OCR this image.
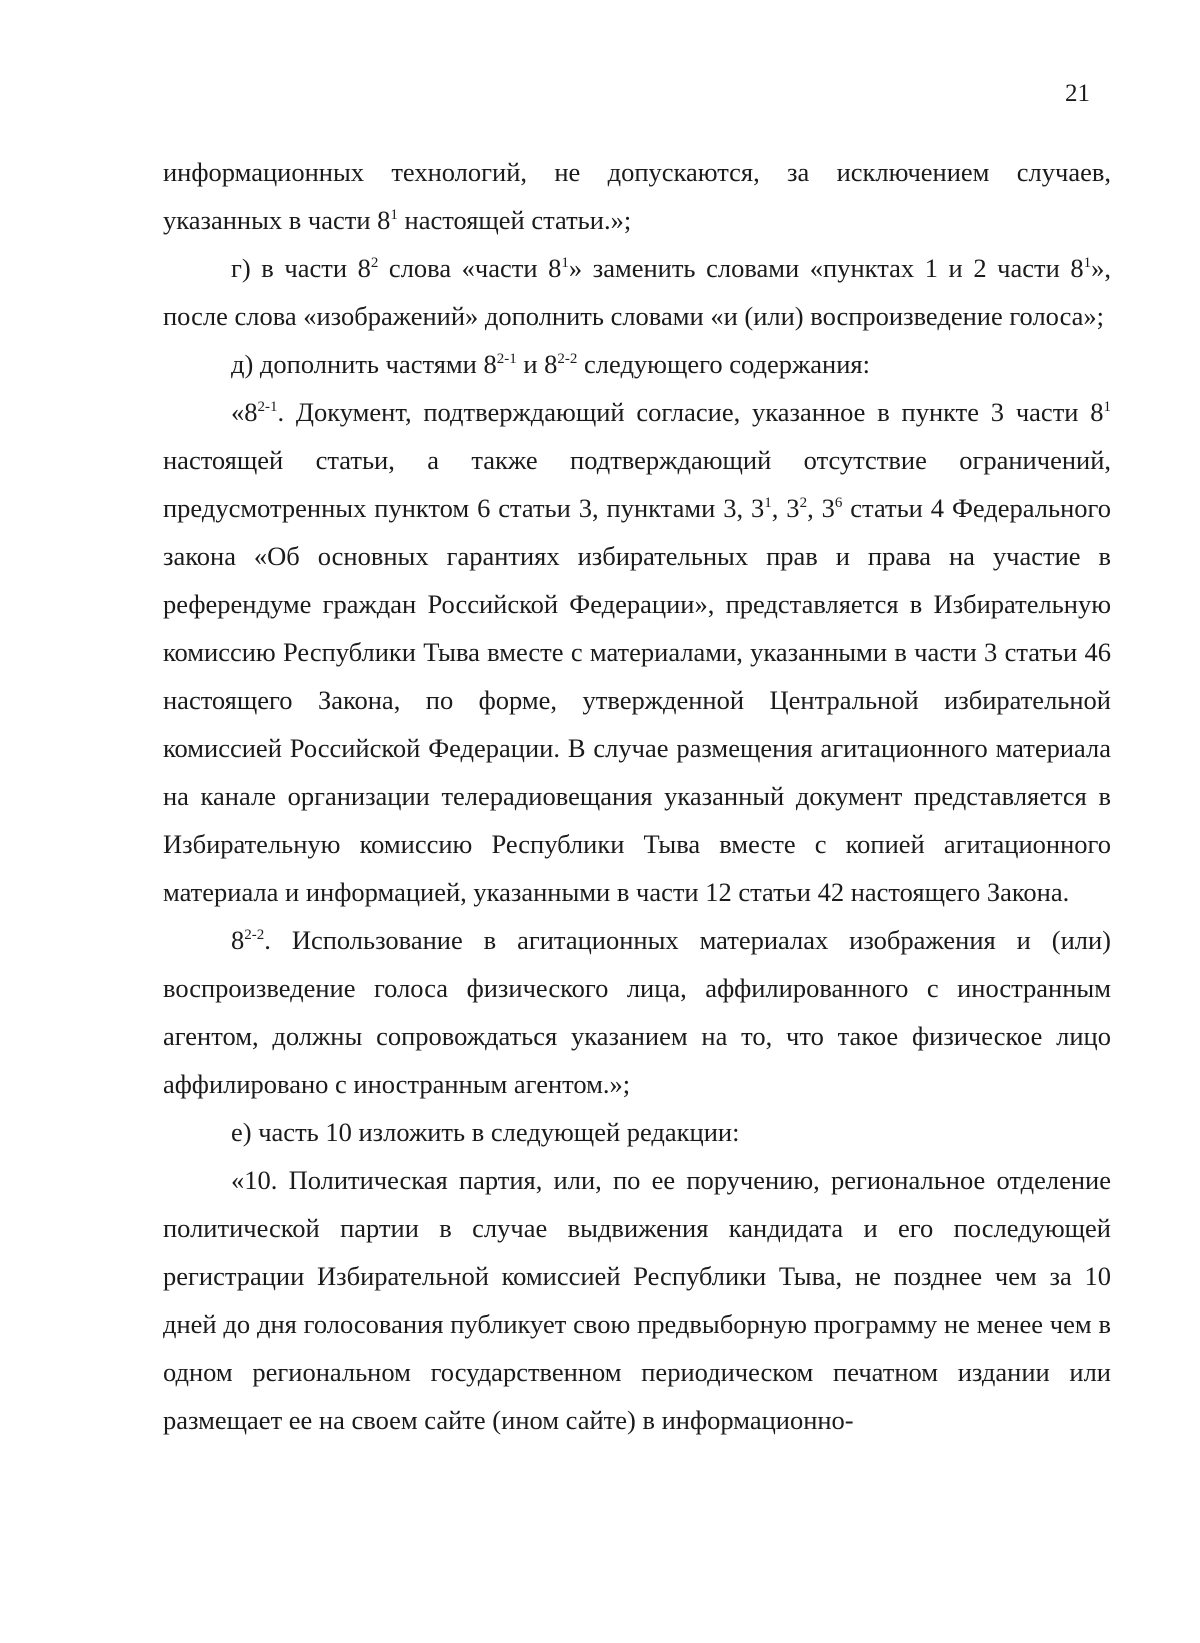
21

информационных технологий, не допускаются, за исключением случаев, указанных в части $8^1$ настоящей статьи.»;

г) в части $8^2$ слова «части $8^1$» заменить словами «пунктах 1 и 2 части $8^1$», после слова «изображений» дополнить словами «и (или) воспроизведение голоса»;

д) дополнить частями 8$^{2-1}$ и 8$^{2-2}$ следующего содержания:

«8$^{2-1}$. Документ, подтверждающий согласие, указанное в пункте 3 части $8^1$ настоящей статьи, а также подтверждающий отсутствие ограничений, предусмотренных пунктом 6 статьи 3, пунктами 3, $3^1$, $3^2$, $3^6$ статьи 4 Федерального закона «Об основных гарантиях избирательных прав и права на участие в референдуме граждан Российской Федерации», представляется в Избирательную комиссию Республики Тыва вместе с материалами, указанными в части 3 статьи 46 настоящего Закона, по форме, утвержденной Центральной избирательной комиссией Российской Федерации. В случае размещения агитационного материала на канале организации телерадиовещания указанный документ представляется в Избирательную комиссию Республики Тыва вместе с копией агитационного материала и информацией, указанными в части 12 статьи 42 настоящего Закона.

8$^{2-2}$. Использование в агитационных материалах изображения и (или) воспроизведение голоса физического лица, аффилированного с иностранным агентом, должны сопровождаться указанием на то, что такое физическое лицо аффилировано с иностранным агентом.»;

е) часть 10 изложить в следующей редакции:

«10. Политическая партия, или, по ее поручению, региональное отделение политической партии в случае выдвижения кандидата и его последующей регистрации Избирательной комиссией Республики Тыва, не позднее чем за 10 дней до дня голосования публикует свою предвыборную программу не менее чем в одном региональном государственном периодическом печатном издании или размещает ее на своем сайте (ином сайте) в информационно-
